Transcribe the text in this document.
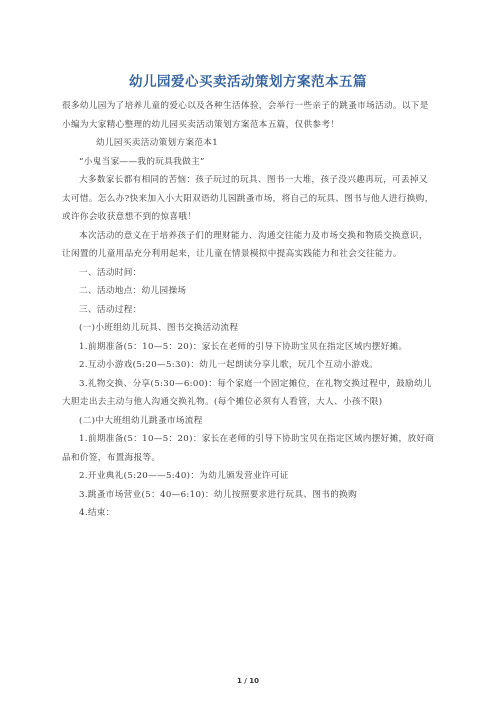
幼儿园爱心买卖活动策划方案范本五篇

很多幼儿园为了培养儿童的爱心以及各种生活体验，会举行一些亲子的跳蚤市场活动。以下是小编为大家精心整理的幼儿园买卖活动策划方案范本五篇，仅供参考！

幼儿园买卖活动策划方案范本1

“小鬼当家——我的玩具我做主”

大多数家长都有相同的苦恼：孩子玩过的玩具、图书一大堆，孩子没兴趣再玩，可丢掉又太可惜。怎么办?快来加入小大阳双语幼儿园跳蚤市场，将自己的玩具、图书与他人进行换购，或许你会收获意想不到的惊喜哦！

本次活动的意义在于培养孩子们的理财能力、沟通交往能力及市场交换和物质交换意识，让闲置的儿童用品充分利用起来，让儿童在情景模拟中提高实践能力和社会交往能力。

一、活动时间：

二、活动地点：幼儿园操场

三、活动过程：

(一)小班组幼儿玩具、图书交换活动流程

1.前期准备(5：10—5：20)：家长在老师的引导下协助宝贝在指定区域内摆好摊。

2.互动小游戏(5:20—5:30)：幼儿一起朗读分享儿歌，玩几个互动小游戏。

3.礼物交换、分享(5:30—6:00)：每个家庭一个固定摊位，在礼物交换过程中，鼓励幼儿大胆走出去主动与他人沟通交换礼物。(每个摊位必须有人看管，大人、小孩不限)

(二)中大班组幼儿跳蚤市场流程

1.前期准备(5：10—5：20)：家长在老师的引导下协助宝贝在指定区域内摆好摊，放好商品和价签，布置海报等。

2.开业典礼(5:20——5:40)：为幼儿颁发营业许可证

3.跳蚤市场营业(5：40—6:10)：幼儿按照要求进行玩具、图书的换购

4.结束：

1 / 10
